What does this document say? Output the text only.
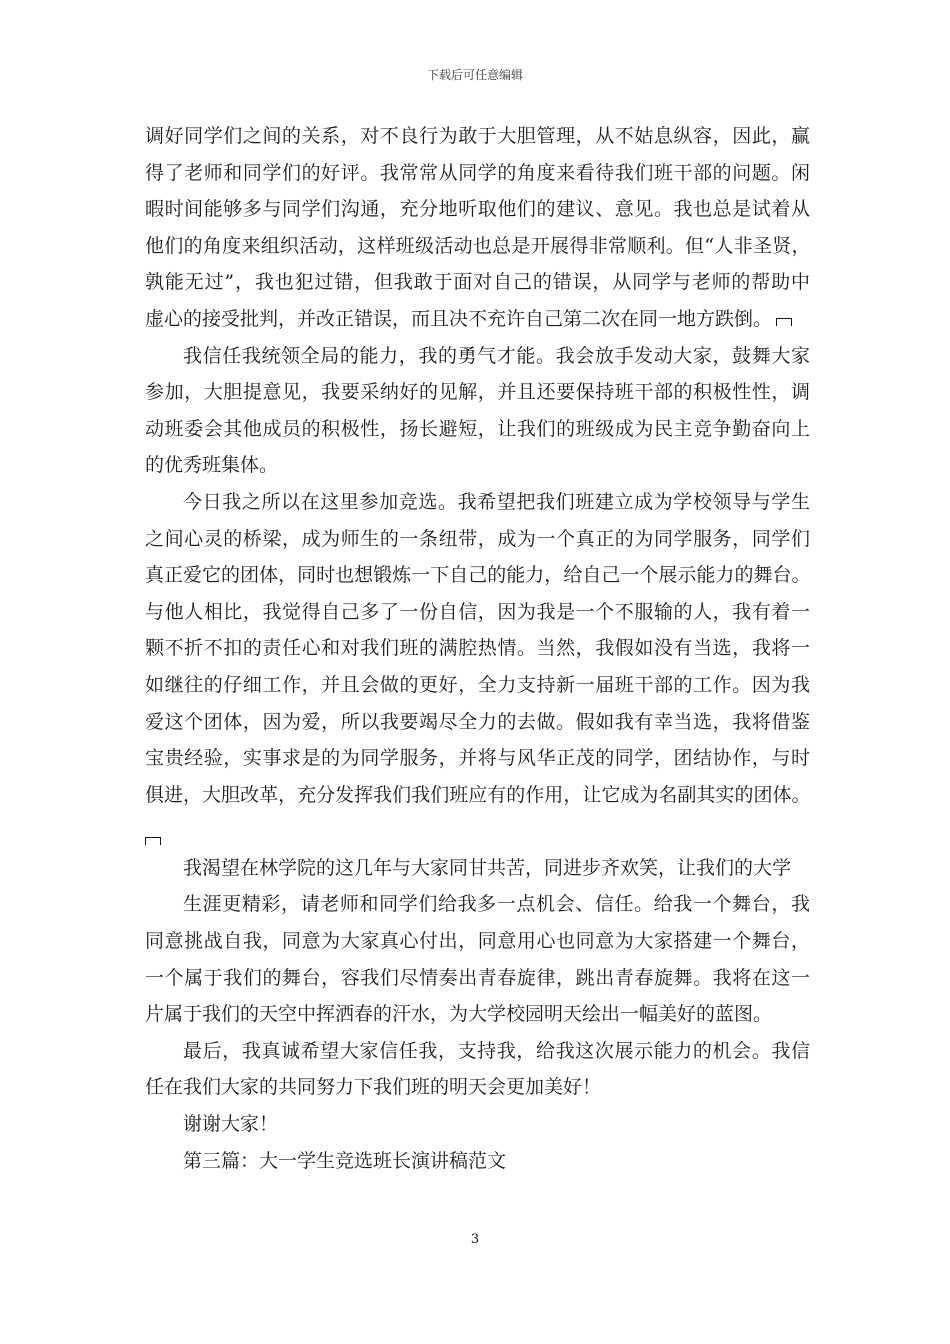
下载后可任意编辑
调好同学们之间的关系，对不良行为敢于大胆管理，从不姑息纵容，因此，赢
得了老师和同学们的好评。我常常从同学的角度来看待我们班干部的问题。闲
暇时间能够多与同学们沟通，充分地听取他们的建议、意见。我也总是试着从
他们的角度来组织活动，这样班级活动也总是开展得非常顺利。但“人非圣贤，
孰能无过”，我也犯过错，但我敢于面对自己的错误，从同学与老师的帮助中
虚心的接受批判，并改正错误，而且决不充许自己第二次在同一地方跌倒。
我信任我统领全局的能力，我的勇气才能。我会放手发动大家，鼓舞大家
参加，大胆提意见，我要采纳好的见解，并且还要保持班干部的积极性性，调
动班委会其他成员的积极性，扬长避短，让我们的班级成为民主竞争勤奋向上
的优秀班集体。
今日我之所以在这里参加竞选。我希望把我们班建立成为学校领导与学生
之间心灵的桥梁，成为师生的一条纽带，成为一个真正的为同学服务，同学们
真正爱它的团体，同时也想锻炼一下自己的能力，给自己一个展示能力的舞台。
与他人相比，我觉得自己多了一份自信，因为我是一个不服输的人，我有着一
颗不折不扣的责任心和对我们班的满腔热情。当然，我假如没有当选，我将一
如继往的仔细工作，并且会做的更好，全力支持新一届班干部的工作。因为我
爱这个团体，因为爱，所以我要竭尽全力的去做。假如我有幸当选，我将借鉴
宝贵经验，实事求是的为同学服务，并将与风华正茂的同学，团结协作，与时
俱进，大胆改革，充分发挥我们我们班应有的作用，让它成为名副其实的团体。
我渴望在林学院的这几年与大家同甘共苦，同进步齐欢笑，让我们的大学
生涯更精彩，请老师和同学们给我多一点机会、信任。给我一个舞台，我
同意挑战自我，同意为大家真心付出，同意用心也同意为大家搭建一个舞台，
一个属于我们的舞台，容我们尽情奏出青春旋律，跳出青春旋舞。我将在这一
片属于我们的天空中挥洒春的汗水，为大学校园明天绘出一幅美好的蓝图。
最后，我真诚希望大家信任我，支持我，给我这次展示能力的机会。我信
任在我们大家的共同努力下我们班的明天会更加美好！
谢谢大家！
第三篇：大一学生竞选班长演讲稿范文
3
